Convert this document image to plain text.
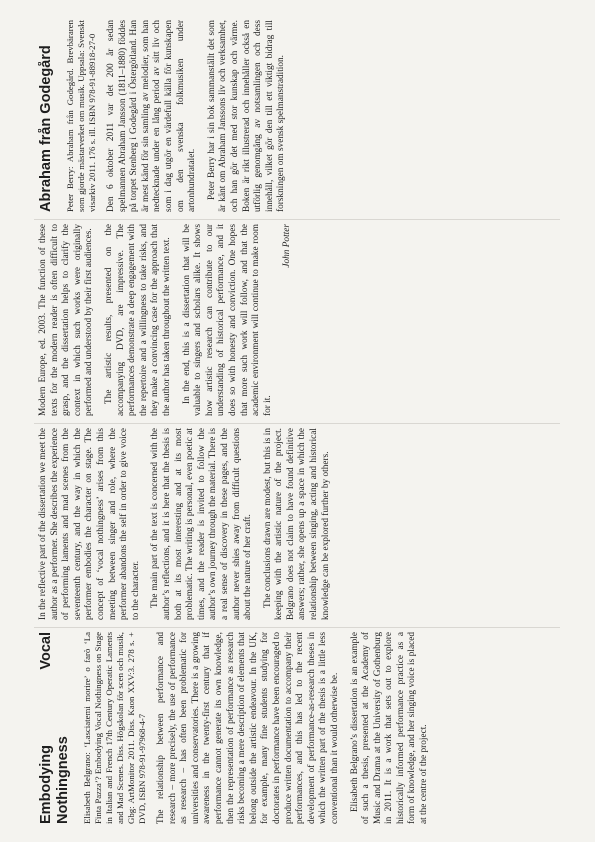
Embodying Vocal Nothingness Elisabeth Belgrano: ‘Lasciatemi morire’ o farò ‘La Finta Pazza’? Embodying Vocal Nothingness on Stage in Italian and French 17th Century Operatic Laments and Mad Scenes. Diss. Högskolan för scen och musik, Gbg: ArtMonitor 2011. Diss. Kaon XXV:3. 278 s. + DVD, ISBN 978-91-97968-4-7 The relationship between performance and research – more precisely, the use of performance as research – has often been problematic for universities and conservatories. There is a growing awareness in the twenty-first century that if performance cannot generate its own knowledge, then the representation of performance as research risks becoming a mere description of elements that belong outside the artistic endeavour. In the UK, for example, many fine students studying for doctorates in performance have been encouraged to produce written documentation to accompany their performances, and this has led to the recent development of performance-as-research theses in which the written part of the thesis is a little less conventional than it would otherwise be. Elisabeth Belgrano’s dissertation is an example of such a thesis, presented at the Academy of Music and Drama at the University of Gothenburg in 2011. It is a work that sets out to explore historically informed performance practice as a form of knowledge, and her singing voice is placed at the centre of the project.

In the reflective part of the dissertation we meet the author as a performer. She describes the experience of performing laments and mad scenes from the seventeenth century, and the way in which the performer embodies the character on stage. The concept of ‘vocal nothingness’ arises from this meeting between singer and role, where the performer abandons the self in order to give voice to the character. The main part of the text is concerned with the author’s reflections, and it is here that the thesis is both at its most interesting and at its most problematic. The writing is personal, even poetic at times, and the reader is invited to follow the author’s own journey through the material. There is a real sense of discovery in these pages, and the author never shies away from difficult questions about the nature of her craft. The conclusions drawn are modest, but this is in keeping with the artistic nature of the project. Belgrano does not claim to have found definitive answers; rather, she opens up a space in which the relationship between singing, acting and historical knowledge can be explored further by others.

Modern Europe, ed. 2003. The function of these texts for the modern reader is often difficult to grasp, and the dissertation helps to clarify the context in which such works were originally performed and understood by their first audiences. The artistic results, presented on the accompanying DVD, are impressive. The performances demonstrate a deep engagement with the repertoire and a willingness to take risks, and they make a convincing case for the approach that the author has taken throughout the written text. In the end, this is a dissertation that will be valuable to singers and scholars alike. It shows how artistic research can contribute to our understanding of historical performance, and it does so with honesty and conviction. One hopes that more such work will follow, and that the academic environment will continue to make room for it.

John Potter
Abraham från Godegård Peter Berry: Abraham från Godegård. Brevbäraren som gjorde mästarverket om musik. Uppsala: Svenskt visarkiv 2011. 176 s. ill. ISBN 978-91-88918-27-0 Den 6 oktober 2011 var det 200 år sedan spelmannen Abraham Jansson (1811–1880) föddes på torpet Stenberg i Godegård i Östergötland. Han är mest känd för sin samling av melodier, som han nedtecknade under en lång period av sitt liv och som i dag utgör en värdefull källa för kunskapen om den svenska folkmusiken under artonhundratalet. Peter Berry har i sin bok sammanställt det som är känt om Abraham Janssons liv och verksamhet, och han gör det med stor kunskap och värme. Boken är rikt illustrerad och innehåller också en utförlig genomgång av notsamlingen och dess innehåll, vilket gör den till ett viktigt bidrag till forskningen om svensk spelmanstradition.
